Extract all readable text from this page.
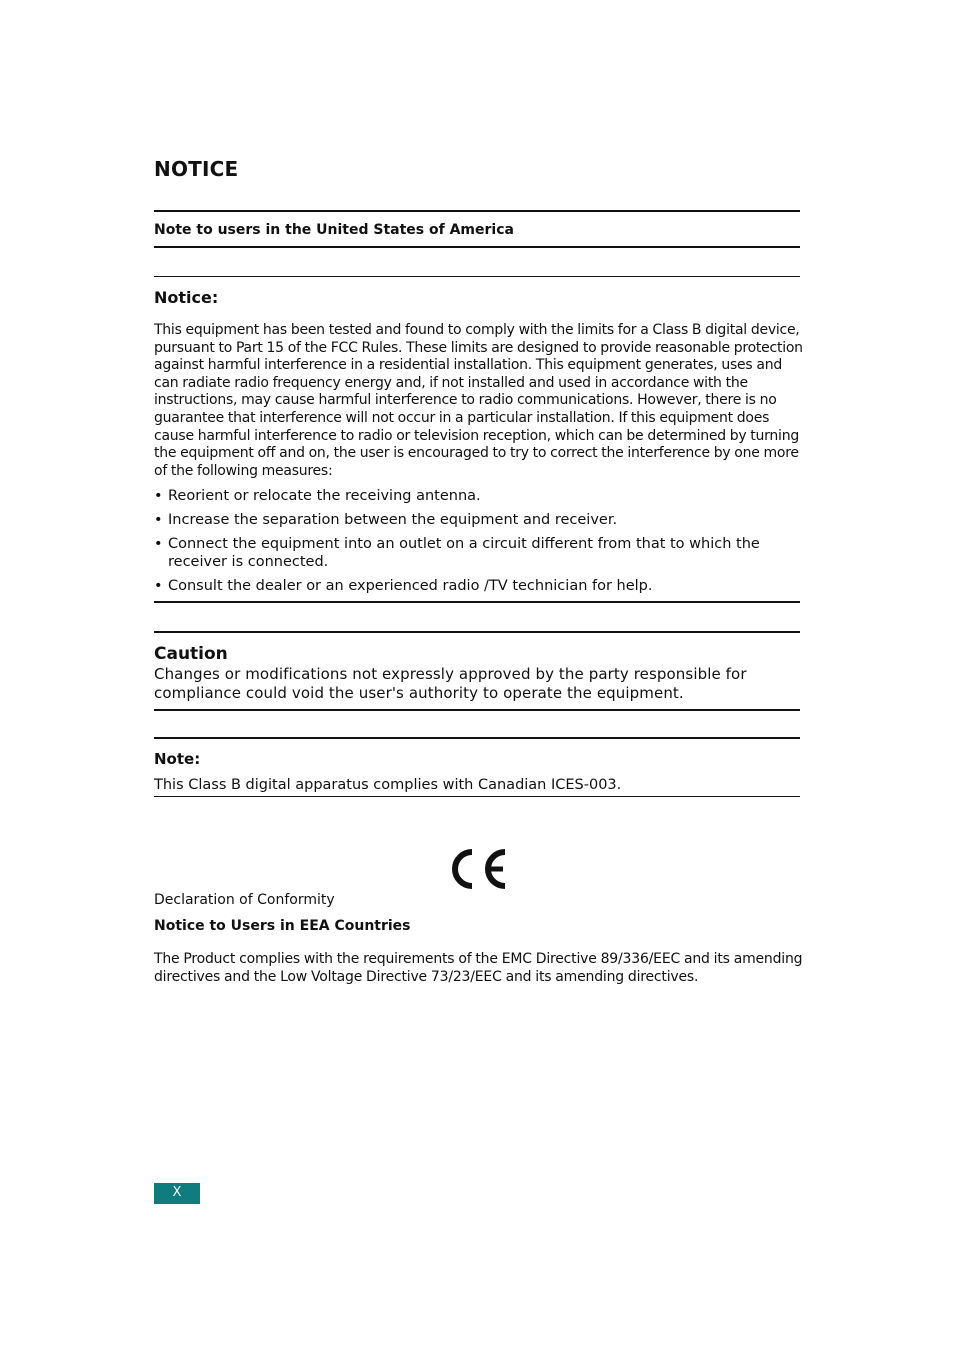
NOTICE
Note to users in the United States of America
Notice:
This equipment has been tested and found to comply with the limits for a Class B digital device, pursuant to Part 15 of the FCC Rules. These limits are designed to provide reasonable protection against harmful interference in a residential installation. This equipment generates, uses and can radiate radio frequency energy and, if not installed and used in accordance with the instructions, may cause harmful interference to radio communications. However, there is no guarantee that interference will not occur in a particular installation. If this equipment does cause harmful interference to radio or television reception, which can be determined by turning the equipment off and on, the user is encouraged to try to correct the interference by one more of the following measures:
• Reorient or relocate the receiving antenna.
• Increase the separation between the equipment and receiver.
• Connect the equipment into an outlet on a circuit different from that to which the receiver is connected.
• Consult the dealer or an experienced radio /TV technician for help.
Caution
Changes or modifications not expressly approved by the party responsible for compliance could void the user's authority to operate the equipment.
Note:
This Class B digital apparatus complies with Canadian ICES-003.
Declaration of Conformity
Notice to Users in EEA Countries
The Product complies with the requirements of the EMC Directive 89/336/EEC and its amending directives and the Low Voltage Directive 73/23/EEC and its amending directives.
X
